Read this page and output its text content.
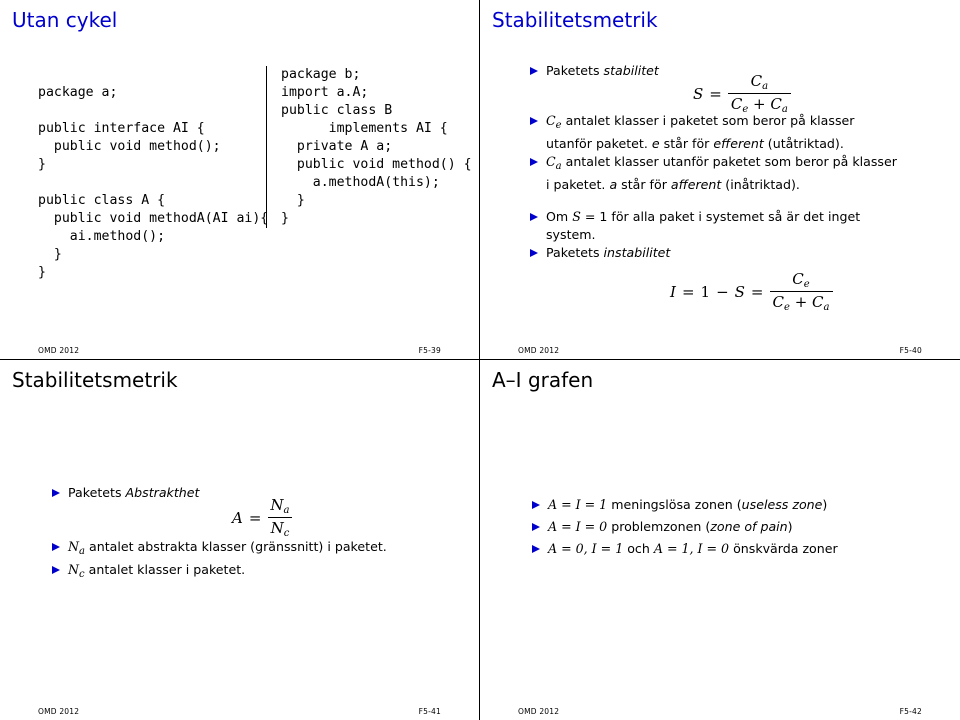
Utan cykel
package a;

public interface AI {
public void method();
}

public class A {
public void methodA(AI ai){
ai.method();
}
}
package b;
import a.A;
public class B
implements AI {
private A a;
public void method() {
a.methodA(this);
}
}
OMD 2012	F5-39
Stabilitetsmetrik
Paketets stabilitet
$S = \frac{C_a}{C_e + C_a}$
$C_e$ antalet klasser i paketet som beror på klasser utanför paketet. e står för efferent (utåtriktad).
$C_a$ antalet klasser utanför paketet som beror på klasser i paketet. a står för afferent (inåtriktad).
Om S = 1 för alla paket i systemet så är det inget system.
Paketets instabilitet
$I = 1 - S = \frac{C_e}{C_e + C_a}$
OMD 2012	F5-40
Stabilitetsmetrik
Paketets Abstrakthet
$A = \frac{N_a}{N_c}$
$N_a$ antalet abstrakta klasser (gränssnitt) i paketet.
$N_c$ antalet klasser i paketet.
OMD 2012	F5-41
A–I grafen
A = I = 1 meningslösa zonen (useless zone)
A = I = 0 problemzonen (zone of pain)
A = 0, I = 1 och A = 1, I = 0 önskvärda zoner
OMD 2012	F5-42
